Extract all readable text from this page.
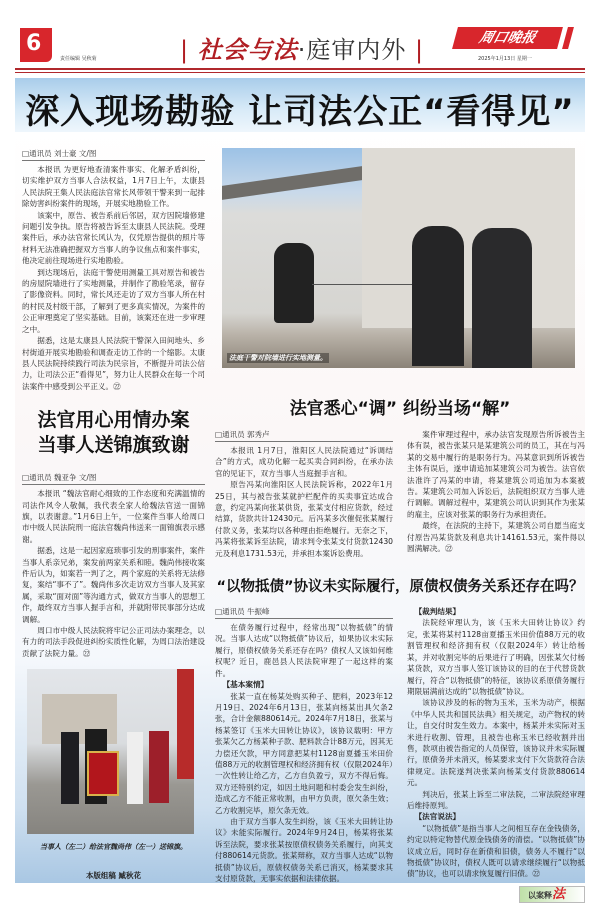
6
责任编辑 吴秋菊	| 社会与法·庭审内外 |	周口晚报
2025年1月13日 星期一
深入现场勘验 让司法公正“看得见”
□通讯员 刘士豪 文/图

本报讯 为更好地查清案件事实、化解矛盾纠纷，切实维护双方当事人合法权益，1月7日上午，太康县人民法院王集人民法庭法官常长风带领干警来到一起排除妨害纠纷案件的现场，开展实地勘验工作。

该案中，原告、被告系前后邻居，双方因院墙修建问题引发争执。原告将被告诉至太康县人民法院。受理案件后，承办法官常长风认为，仅凭原告提供的照片等材料无法准确把握双方当事人的争议焦点和案件事实，他决定前往现场进行实地勘验。

到达现场后，法庭干警使用测量工具对原告和被告的房屋院墙进行了实地测量，并制作了勘验笔录，留存了影像资料。同时，常长风还走访了双方当事人所在村的村民及村级干部，了解到了更多真实情况，为案件的公正审理奠定了坚实基础。目前，该案还在进一步审理之中。

据悉，这是太康县人民法院干警深入田间地头、乡村街道开展实地勘验和调查走访工作的一个缩影。太康县人民法院持续践行司法为民宗旨，不断提升司法公信力，让司法公正“看得见”，努力让人民群众在每一个司法案件中感受到公平正义。㉒

法官用心用情办案
当事人送锦旗致谢
□通讯员 魏亚争 文/图

本报讯 “魏法官耐心细致的工作态度和充满温情的司法作风令人敬佩，我代表全家人给魏法官送一面锦旗，以表谢意。”1月6日上午，一位案件当事人给周口市中级人民法院刑一庭法官魏尚伟送来一面锦旗表示感谢。

据悉，这是一起因家庭琐事引发的刑事案件，案件当事人系亲兄弟，案发前两家关系和睦。魏尚伟接收案件后认为，如案若一判了之，两个家庭的关系将无法修复，案结“事不了”。魏尚伟多次走访双方当事人及其家属，采取“面对面”等沟通方式，做双方当事人的思想工作，最终双方当事人握手言和，并就附带民事部分达成调解。

周口市中级人民法院将牢记公正司法办案理念，以有力的司法手段促进纠纷实质性化解，为周口法治建设贡献了法院力量。㉒

当事人（左二）给法官魏尚伟（左一）送锦旗。
本版组稿 臧秋花
法庭干警对院墙进行实地测量。
法官悉心“调” 纠纷当场“解”
□通讯员 郭秀卢

本报讯 1月7日，淮阳区人民法院通过“诉调结合”的方式，成功化解一起买卖合同纠纷，在承办法官的见证下，双方当事人当庭握手言和。

原告冯某向淮阳区人民法院诉称，2022年1月25日，其与被告张某就护栏配件的买卖事宜达成合意，约定冯某向张某供货，张某支付相应货款，经过结算，货款共计12430元。后冯某多次催促张某履行付款义务，张某均以各种理由拒绝履行。无奈之下，冯某将张某诉至法院，请求判令张某支付货款12430元及利息1731.53元，并承担本案诉讼费用。

案件审理过程中，承办法官发现原告所诉被告主体有误，被告张某只是某建筑公司的员工，其在与冯某的交易中履行的是职务行为。冯某意识到所诉被告主体有误后，遂申请追加某建筑公司为被告。法官依法准许了冯某的申请，将某建筑公司追加为本案被告。某建筑公司加入诉讼后，法院组织双方当事人进行调解。调解过程中，某建筑公司认识到其作为张某的雇主，应该对张某的职务行为承担责任。

最终，在法院的主持下，某建筑公司自愿当庭支付原告冯某货款及利息共计14161.53元，案件得以圆满解决。㉒

“以物抵债”协议未实际履行，原债权债务关系还存在吗？
□通讯员 牛振峰

在债务履行过程中，经常出现“以物抵债”的情况。当事人达成“以物抵债”协议后，如果协议未实际履行，原债权债务关系还存在吗？债权人又该如何维权呢？近日，鹿邑县人民法院审理了一起这样的案件。

【基本案情】

张某一直在杨某处购买种子、肥料，2023年12月19日、2024年6月13日，张某向杨某出具欠条2张，合计金额880614元。2024年7月18日，张某与杨某签订《玉米大田转让协议》，该协议载明：甲方张某欠乙方杨某种子款、肥料款合计88万元，因其无力偿还欠款，甲方同意把某村1128亩夏播玉米田价值88万元的收割管理权和经济拥有权（仅限2024年）一次性转让给乙方，乙方自负盈亏，双方不得后悔。双方还特别约定，如因土地问题和村委会发生纠纷，造成乙方不能正常收割，由甲方负责，原欠条生效；乙方收割完毕，原欠条无效。

由于双方当事人发生纠纷，该《玉米大田转让协议》未能实际履行。2024年9月24日，杨某将张某诉至法院，要求张某按原债权债务关系履行，向其支付880614元货款。张某辩称，双方当事人达成“以物抵债”协议后，原债权债务关系已消灭，杨某要求其支付原货款，无事实依据和法律依据。

【裁判结果】

法院经审理认为，该《玉米大田转让协议》约定，张某将某村1128亩夏播玉米田价值88万元的收割管理权和经济拥有权（仅限2024年）转让给杨某，并对收割完毕的后果进行了明确，因张某欠付杨某货款，双方当事人签订该协议的目的在于代替货款履行，符合“以物抵债”的特征，该协议系原债务履行期限届满前达成的“以物抵债”协议。

该协议涉及的标的物为玉米，玉米为动产，根据《中华人民共和国民法典》相关规定，动产物权的转让，自交付时发生效力。本案中，杨某并未实际对玉米进行收割、管理，且被告也称玉米已经收割并出售，款项由被告指定的人员保管，该协议并未实际履行，原债务并未消灭，杨某要求支付下欠货款符合法律规定。法院遂判决张某向杨某支付货款880614元。

判决后，张某上诉至二审法院，二审法院经审理后维持原判。

【法官说法】

“以物抵债”是指当事人之间相互存在金钱债务，约定以特定物替代原金钱债务的清偿。“以物抵债”协议成立后，同时存在新债和旧债，债务人不履行“以物抵债”协议时，债权人既可以请求继续履行“以物抵债”协议，也可以请求恢复履行旧债。㉒

以案释法
